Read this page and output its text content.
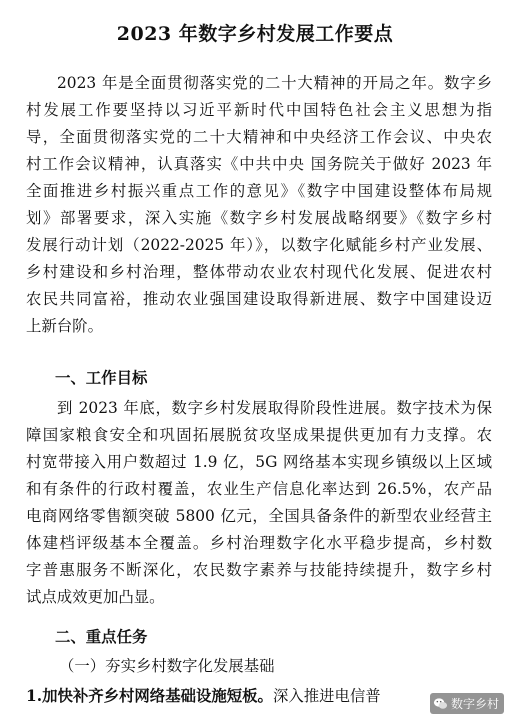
2023 年数字乡村发展工作要点
2023 年是全面贯彻落实党的二十大精神的开局之年。数字乡
村发展工作要坚持以习近平新时代中国特色社会主义思想为指
导，全面贯彻落实党的二十大精神和中央经济工作会议、中央农
村工作会议精神，认真落实《中共中央 国务院关于做好 2023 年
全面推进乡村振兴重点工作的意见》《数字中国建设整体布局规
划》部署要求，深入实施《数字乡村发展战略纲要》《数字乡村
发展行动计划（2022-2025 年）》，以数字化赋能乡村产业发展、
乡村建设和乡村治理，整体带动农业农村现代化发展、促进农村
农民共同富裕，推动农业强国建设取得新进展、数字中国建设迈
上新台阶。
一、工作目标
到 2023 年底，数字乡村发展取得阶段性进展。数字技术为保
障国家粮食安全和巩固拓展脱贫攻坚成果提供更加有力支撑。农
村宽带接入用户数超过 1.9 亿，5G 网络基本实现乡镇级以上区域
和有条件的行政村覆盖，农业生产信息化率达到 26.5%，农产品
电商网络零售额突破 5800 亿元，全国具备条件的新型农业经营主
体建档评级基本全覆盖。乡村治理数字化水平稳步提高，乡村数
字普惠服务不断深化，农民数字素养与技能持续提升，数字乡村
试点成效更加凸显。
二、重点任务
（一）夯实乡村数字化发展基础
1.加快补齐乡村网络基础设施短板。深入推进电信普	数字乡村
